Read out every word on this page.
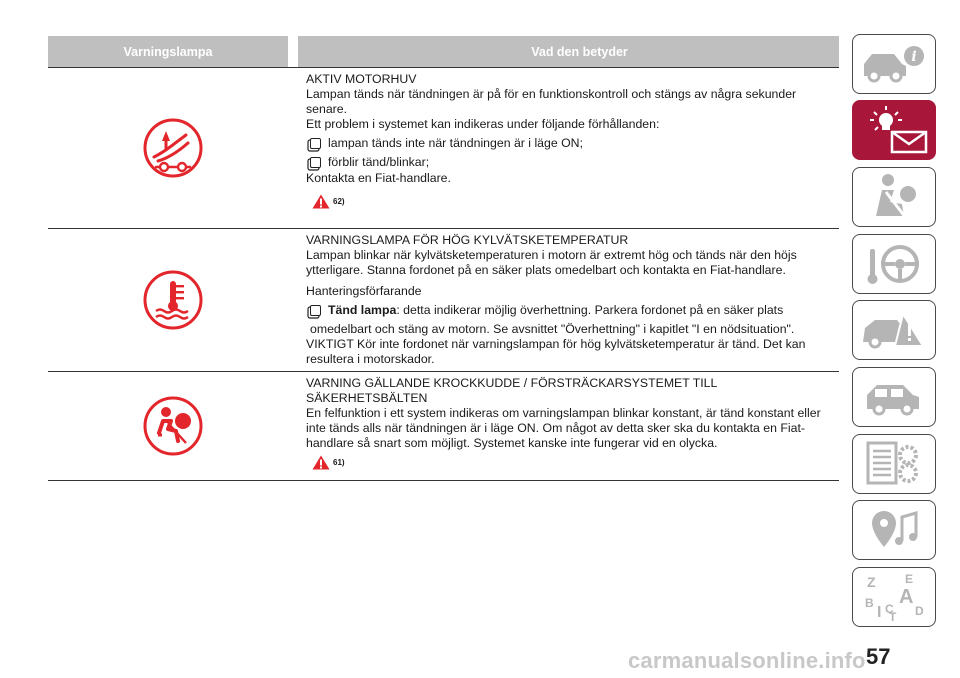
Varningslampa	Vad den betyder

AKTIV MOTORHUV

Lampan tänds när tändningen är på för en funktionskontroll och stängs av några sekunder senare.

Ett problem i systemet kan indikeras under följande förhållanden:

lampan tänds inte när tändningen är i läge ON;
förblir tänd/blinkar;

Kontakta en Fiat-handlare.

62)

VARNINGSLAMPA FÖR HÖG KYLVÄTSKETEMPERATUR

Lampan blinkar när kylvätsketemperaturen i motorn är extremt hög och tänds när den höjs ytterligare. Stanna fordonet på en säker plats omedelbart och kontakta en Fiat-handlare.

Hanteringsförfarande

Tänd lampa: detta indikerar möjlig överhettning. Parkera fordonet på en säker plats

omedelbart och stäng av motorn. Se avsnittet "Överhettning" i kapitlet "I en nödsituation".

VIKTIGT Kör inte fordonet när varningslampan för hög kylvätsketemperatur är tänd. Det kan resultera i motorskador.

VARNING GÄLLANDE KROCKKUDDE / FÖRSTRÄCKARSYSTEMET TILL SÄKERHETSBÄLTEN

En felfunktion i ett system indikeras om varningslampan blinkar konstant, är tänd konstant eller inte tänds alls när tändningen är i läge ON. Om något av detta sker ska du kontakta en Fiat-handlare så snart som möjligt. Systemet kanske inte fungerar vid en olycka.

61)
i
Z E
A
B
I C
T D
carmanualsonline.info 57
